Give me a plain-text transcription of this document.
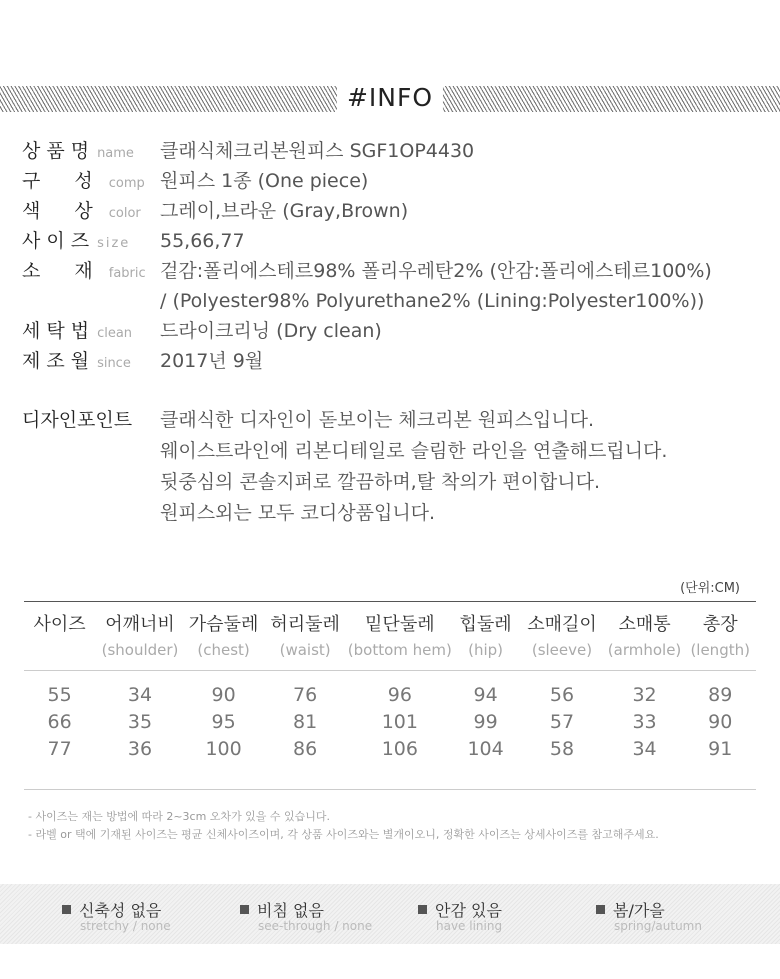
#INFO
상품명 name	클래식체크리본원피스 SGF1OP4430
구 성 comp 원피스 1종 (One piece)
색 상 color	그레이,브라운 (Gray,Brown)
사이즈 size	55,66,77
소 재 fabric 겉감:폴리에스테르98% 폴리우레탄2% (안감:폴리에스테르100%)
/ (Polyester98% Polyurethane2% (Lining:Polyester100%))
세탁법 clean	드라이크리닝 (Dry clean)
제조월 since	2017년 9월
디자인포인트 클래식한 디자인이 돋보이는 체크리본 원피스입니다.
웨이스트라인에 리본디테일로 슬림한 라인을 연출해드립니다.
뒷중심의 콘솔지퍼로 깔끔하며,탈 착의가 편이합니다.
원피스외는 모두 코디상품입니다.
(단위:CM)

사이즈	어깨너비	가슴둘레	허리둘레	밑단둘레	힙둘레	소매길이	소매통	총장
	(shoulder)	(chest)	(waist)	(bottom hem)	(hip)	(sleeve)	(armhole)	(length)
55	34	90	76	96	94	56	32	89
66	35	95	81	101	99	57	33	90
77	36	100	86	106	104	58	34	91
- 사이즈는 재는 방법에 따라 2~3cm 오차가 있을 수 있습니다.
- 라벨 or 택에 기재된 사이즈는 평균 신체사이즈이며, 각 상품 사이즈와는 별개이오니, 정확한 사이즈는 상세사이즈를 참고해주세요.
신축성 없음
stretchy / none
비침 없음
see-through / none
안감 있음
have lining
봄/가을
spring/autumn
